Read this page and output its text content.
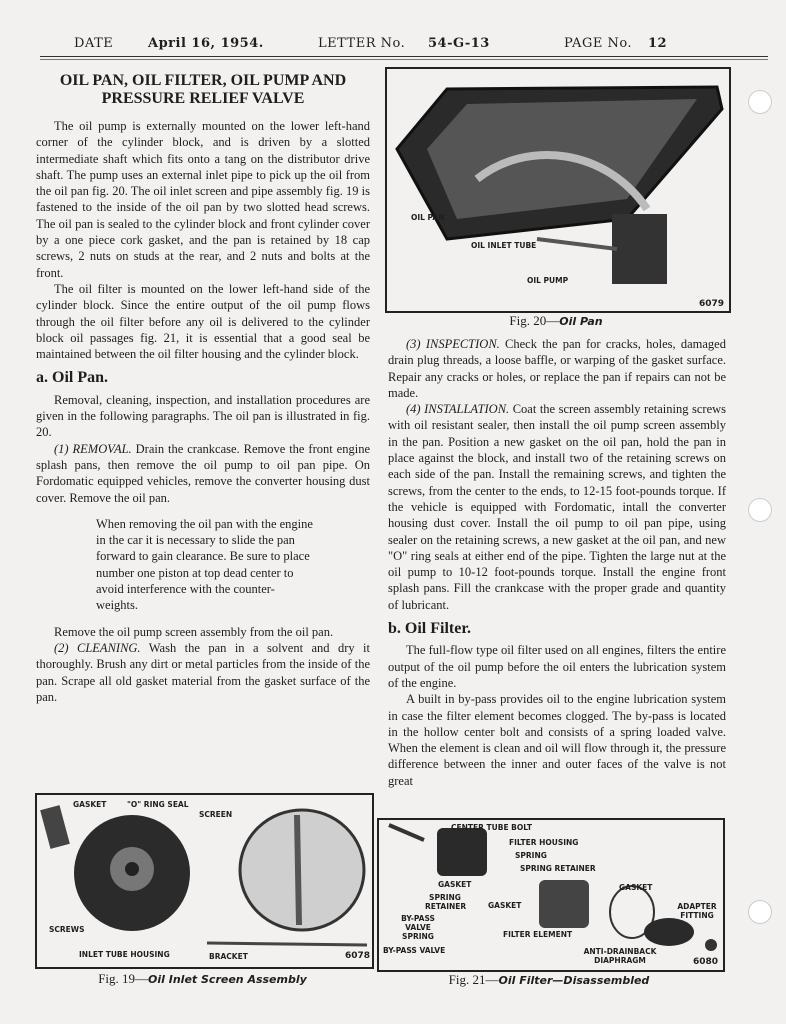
DATE	April 16, 1954.	LETTER No. 54-G-13	PAGE No. 12
OIL PAN, OIL FILTER, OIL PUMP AND PRESSURE RELIEF VALVE

The oil pump is externally mounted on the lower left-hand corner of the cylinder block, and is driven by a slotted intermediate shaft which fits onto a tang on the distributor drive shaft. The pump uses an external inlet pipe to pick up the oil from the oil pan fig. 20. The oil inlet screen and pipe assembly fig. 19 is fastened to the inside of the oil pan by two slotted head screws. The oil pan is sealed to the cylinder block and front cylinder cover by a one piece cork gasket, and the pan is retained by 18 cap screws, 2 nuts on studs at the rear, and 2 nuts and bolts at the front.

The oil filter is mounted on the lower left-hand side of the cylinder block. Since the entire output of the oil pump flows through the oil filter before any oil is delivered to the cylinder block oil passages fig. 21, it is essential that a good seal be maintained between the oil filter housing and the cylinder block.

a. Oil Pan.

Removal, cleaning, inspection, and installation procedures are given in the following paragraphs. The oil pan is illustrated in fig. 20.

(1) REMOVAL. Drain the crankcase. Remove the front engine splash pans, then remove the oil pump to oil pan pipe. On Fordomatic equipped vehicles, remove the converter housing dust cover. Remove the oil pan.

When removing the oil pan with the engine in the car it is necessary to slide the pan forward to gain clearance. Be sure to place number one piston at top dead center to avoid interference with the counter-weights.

Remove the oil pump screen assembly from the oil pan.

(2) CLEANING. Wash the pan in a solvent and dry it thoroughly. Brush any dirt or metal particles from the inside of the pan. Scrape all old gasket material from the gasket surface of the pan.

(3) INSPECTION. Check the pan for cracks, holes, damaged drain plug threads, a loose baffle, or warping of the gasket surface. Repair any cracks or holes, or replace the pan if repairs can not be made.

(4) INSTALLATION. Coat the screen assembly retaining screws with oil resistant sealer, then install the oil pump screen assembly in the pan. Position a new gasket on the oil pan, hold the pan in place against the block, and install two of the retaining screws on each side of the pan. Install the remaining screws, and tighten the screws, from the center to the ends, to 12-15 foot-pounds torque. If the vehicle is equipped with Fordomatic, intall the converter housing dust cover. Install the oil pump to oil pan pipe, using sealer on the retaining screws, a new gasket at the oil pan, and new "O" ring seals at either end of the pipe. Tighten the large nut at the oil pump to 10-12 foot-pounds torque. Install the engine front splash pans. Fill the crankcase with the proper grade and quantity of lubricant.

b. Oil Filter.

The full-flow type oil filter used on all engines, filters the entire output of the oil pump before the oil enters the lubrication system of the engine.

A built in by-pass provides oil to the engine lubrication system in case the filter element becomes clogged. The by-pass is located in the hollow center bolt and consists of a spring loaded valve. When the element is clean and oil will flow through it, the pressure difference between the inner and outer faces of the valve is not great

OIL PAN
OIL INLET TUBE
OIL PUMP
6079
Fig. 20—Oil Pan
GASKET	"O" RING SEAL
SCREEN
SCREWS
INLET TUBE HOUSING	BRACKET	6078
Fig. 19—Oil Inlet Screen Assembly
CENTER TUBE BOLT
FILTER HOUSING
SPRING
SPRING RETAINER
GASKET
SPRING RETAINER	GASKET
BY-PASS VALVE SPRING
BY-PASS VALVE
FILTER ELEMENT
GASKET
ADAPTER FITTING
ANTI-DRAINBACK DIAPHRAGM	6080
Fig. 21—Oil Filter—Disassembled
